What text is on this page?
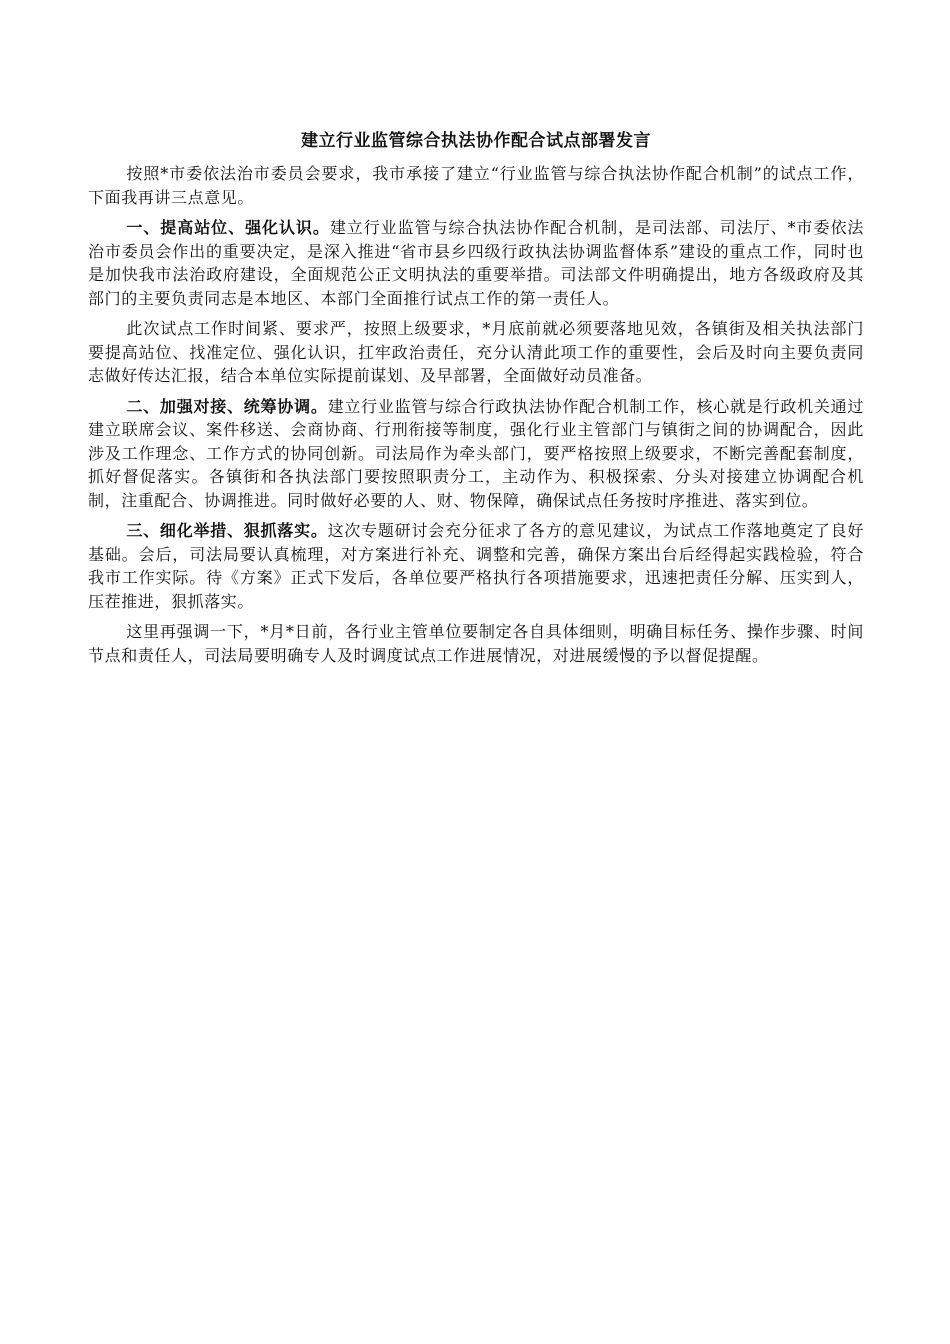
建立行业监管综合执法协作配合试点部署发言

按照*市委依法治市委员会要求，我市承接了建立“行业监管与综合执法协作配合机制”的试点工作，下面我再讲三点意见。

一、提高站位、强化认识。建立行业监管与综合执法协作配合机制，是司法部、司法厅、*市委依法治市委员会作出的重要决定，是深入推进“省市县乡四级行政执法协调监督体系”建设的重点工作，同时也是加快我市法治政府建设，全面规范公正文明执法的重要举措。司法部文件明确提出，地方各级政府及其部门的主要负责同志是本地区、本部门全面推行试点工作的第一责任人。

此次试点工作时间紧、要求严，按照上级要求，*月底前就必须要落地见效，各镇街及相关执法部门要提高站位、找准定位、强化认识，扛牢政治责任，充分认清此项工作的重要性，会后及时向主要负责同志做好传达汇报，结合本单位实际提前谋划、及早部署，全面做好动员准备。

二、加强对接、统筹协调。建立行业监管与综合行政执法协作配合机制工作，核心就是行政机关通过建立联席会议、案件移送、会商协商、行刑衔接等制度，强化行业主管部门与镇街之间的协调配合，因此涉及工作理念、工作方式的协同创新。司法局作为牵头部门，要严格按照上级要求，不断完善配套制度，抓好督促落实。各镇街和各执法部门要按照职责分工，主动作为、积极探索、分头对接建立协调配合机制，注重配合、协调推进。同时做好必要的人、财、物保障，确保试点任务按时序推进、落实到位。

三、细化举措、狠抓落实。这次专题研讨会充分征求了各方的意见建议，为试点工作落地奠定了良好基础。会后，司法局要认真梳理，对方案进行补充、调整和完善，确保方案出台后经得起实践检验，符合我市工作实际。待《方案》正式下发后，各单位要严格执行各项措施要求，迅速把责任分解、压实到人，压茬推进，狠抓落实。

这里再强调一下，*月*日前，各行业主管单位要制定各自具体细则，明确目标任务、操作步骤、时间节点和责任人，司法局要明确专人及时调度试点工作进展情况，对进展缓慢的予以督促提醒。
